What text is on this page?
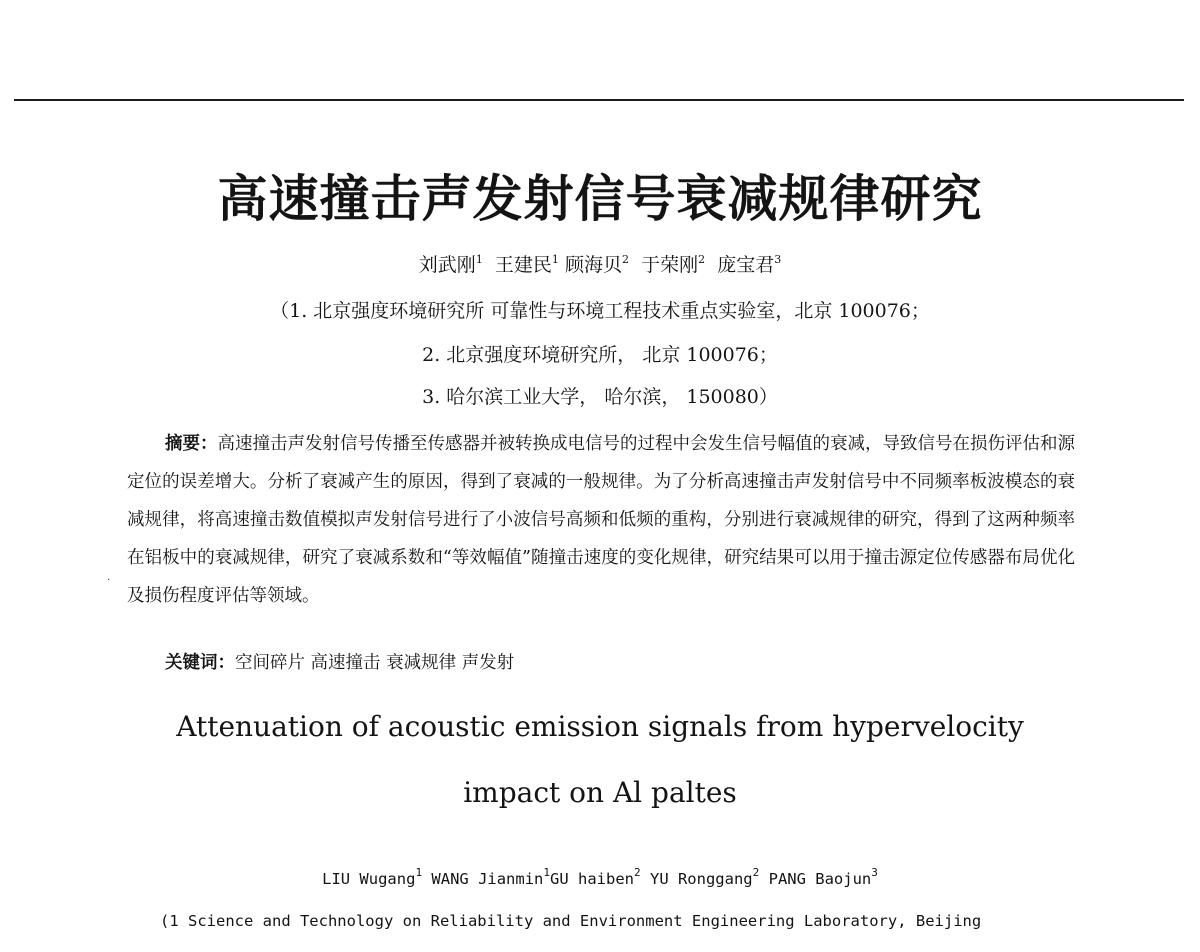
高速撞击声发射信号衰减规律研究
刘武刚$^1$ 王建民$^1$ 顾海贝$^2$ 于荣刚$^2$ 庞宝君$^3$
（1. 北京强度环境研究所 可靠性与环境工程技术重点实验室，北京 100076；
2. 北京强度环境研究所， 北京 100076；
3. 哈尔滨工业大学， 哈尔滨， 150080）
摘要：高速撞击声发射信号传播至传感器并被转换成电信号的过程中会发生信号幅值的衰减，导致信号在损伤评估和源定位的误差增大。分析了衰减产生的原因，得到了衰减的一般规律。为了分析高速撞击声发射信号中不同频率板波模态的衰减规律，将高速撞击数值模拟声发射信号进行了小波信号高频和低频的重构，分别进行衰减规律的研究，得到了这两种频率在铝板中的衰减规律，研究了衰减系数和“等效幅值”随撞击速度的变化规律，研究结果可以用于撞击源定位传感器布局优化及损伤程度评估等领域。
·
关键词：空间碎片 高速撞击 衰减规律 声发射
Attenuation of acoustic emission signals from hypervelocity
impact on Al paltes
LIU Wugang$^1$ WANG Jianmin$^1$GU haiben$^2$ YU Ronggang$^2$ PANG Baojun$^3$
(1 Science and Technology on Reliability and Environment Engineering Laboratory, Beijing
